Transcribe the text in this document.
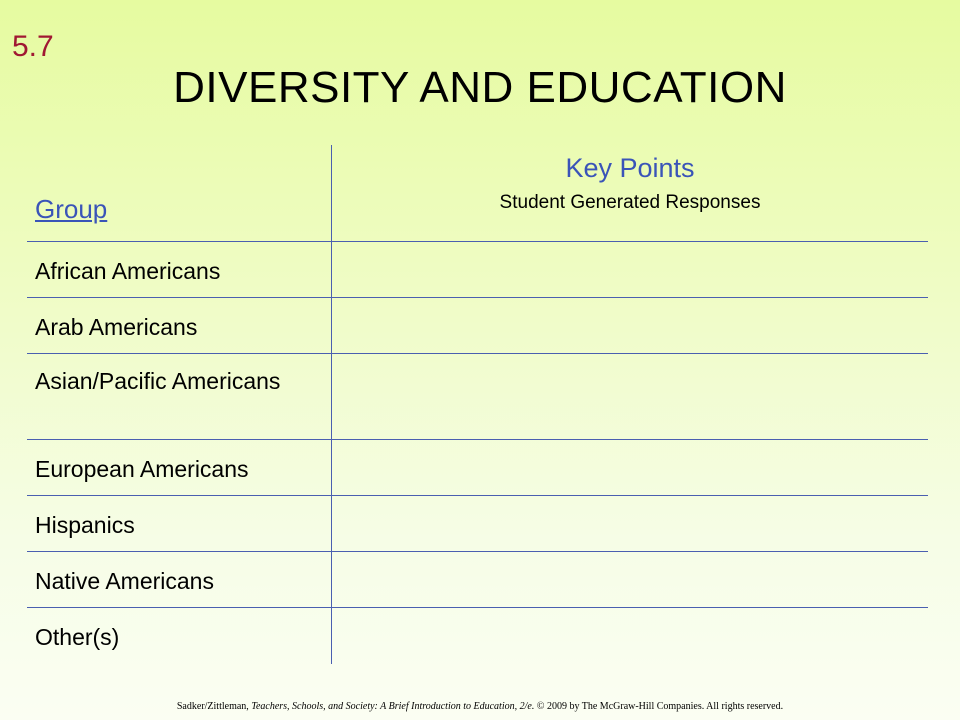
5.7
DIVERSITY AND EDUCATION
Group
Key Points
Student Generated Responses
African Americans
Arab Americans
Asian/Pacific Americans
European Americans
Hispanics
Native Americans
Other(s)
Sadker/Zittleman, Teachers, Schools, and Society: A Brief Introduction to Education, 2/e. © 2009 by The McGraw-Hill Companies. All rights reserved.
